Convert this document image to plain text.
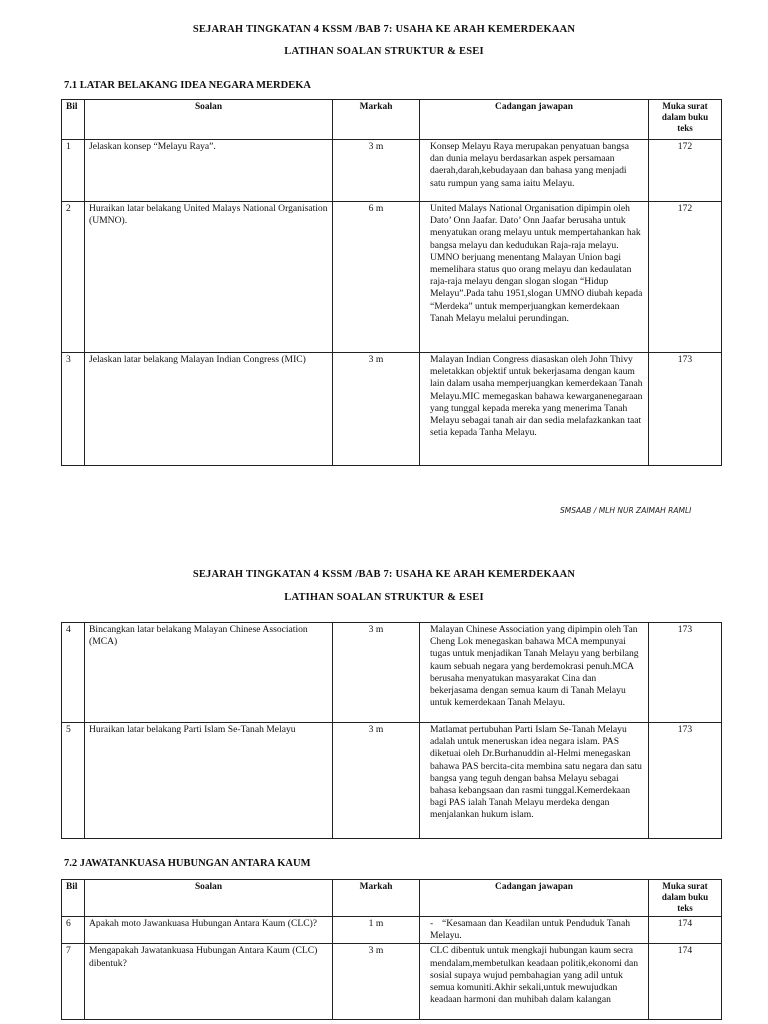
SEJARAH TINGKATAN 4 KSSM /BAB 7: USAHA KE ARAH KEMERDEKAAN
LATIHAN SOALAN STRUKTUR & ESEI
7.1 LATAR BELAKANG IDEA NEGARA MERDEKA
Bil	Soalan	Markah	Cadangan jawapan	Muka surat dalam buku teks
1	Jelaskan konsep “Melayu Raya”.	3 m	Konsep Melayu Raya merupakan penyatuan bangsa dan dunia melayu berdasarkan aspek persamaan daerah,darah,kebudayaan dan bahasa yang menjadi satu rumpun yang sama iaitu Melayu.	172
2	Huraikan latar belakang United Malays National Organisation (UMNO).	6 m	United Malays National Organisation dipimpin oleh Dato’ Onn Jaafar. Dato’ Onn Jaafar berusaha untuk menyatukan orang melayu untuk mempertahankan hak bangsa melayu dan kedudukan Raja-raja melayu. UMNO berjuang menentang Malayan Union bagi memelihara status quo orang melayu dan kedaulatan raja-raja melayu dengan slogan slogan “Hidup Melayu”.Pada tahu 1951,slogan UMNO diubah kepada “Merdeka” untuk memperjuangkan kemerdekaan Tanah Melayu melalui perundingan.	172
3	Jelaskan latar belakang Malayan Indian Congress (MIC)	3 m	Malayan Indian Congress diasaskan oleh John Thivy meletakkan objektif untuk bekerjasama dengan kaum lain dalam usaha memperjuangkan kemerdekaan Tanah Melayu.MIC memegaskan bahawa kewarganenegaraan yang tunggal kepada mereka yang menerima Tanah Melayu sebagai tanah air dan sedia melafazkankan taat setia kepada Tanha Melayu.	173
SMSAAB / MLH NUR ZAIMAH RAMLI
SEJARAH TINGKATAN 4 KSSM /BAB 7: USAHA KE ARAH KEMERDEKAAN
LATIHAN SOALAN STRUKTUR & ESEI
4	Bincangkan latar belakang Malayan Chinese Association (MCA)	3 m	Malayan Chinese Association yang dipimpin oleh Tan Cheng Lok menegaskan bahawa MCA mempunyai tugas untuk menjadikan Tanah Melayu yang berbilang kaum sebuah negara yang berdemokrasi penuh.MCA berusaha menyatukan masyarakat Cina dan bekerjasama dengan semua kaum di Tanah Melayu untuk kemerdekaan Tanah Melayu.	173
5	Huraikan latar belakang Parti Islam Se-Tanah Melayu	3 m	Matlamat pertubuhan Parti Islam Se-Tanah Melayu adalah untuk meneruskan idea negara islam. PAS diketuai oleh Dr.Burhanuddin al-Helmi menegaskan bahawa PAS bercita-cita membina satu negara dan satu bangsa yang teguh dengan bahsa Melayu sebagai bahasa kebangsaan dan rasmi tunggal.Kemerdekaan bagi PAS ialah Tanah Melayu merdeka dengan menjalankan hukum islam.	173
7.2 JAWATANKUASA HUBUNGAN ANTARA KAUM
Bil	Soalan	Markah	Cadangan jawapan	Muka surat dalam buku teks
6	Apakah moto Jawankuasa Hubungan Antara Kaum (CLC)?	1 m	- “Kesamaan dan Keadilan untuk Penduduk Tanah Melayu.	174
7	Mengapakah Jawatankuasa Hubungan Antara Kaum (CLC) dibentuk?	3 m	CLC dibentuk untuk mengkaji hubungan kaum secra mendalam,membetulkan keadaan politik,ekonomi dan sosial supaya wujud pembahagian yang adil untuk semua komuniti.Akhir sekali,untuk mewujudkan keadaan harmoni dan muhibah dalam kalangan	174
